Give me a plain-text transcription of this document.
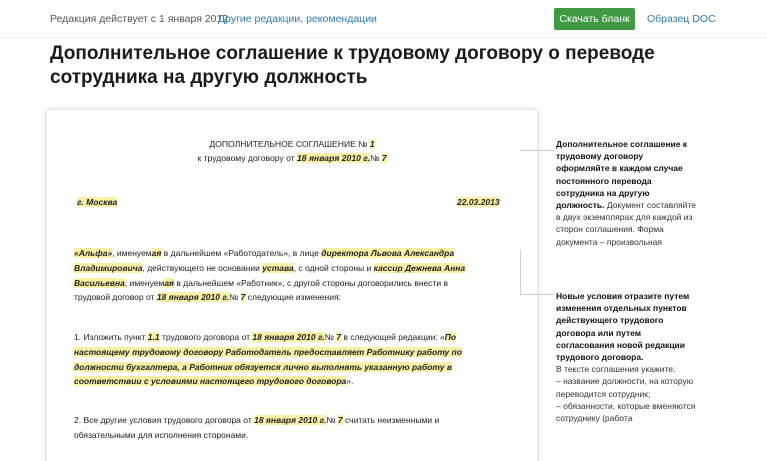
Редакция действует с 1 января 2012
Другие редакции, рекомендации	Скачать бланк	Образец DOC
Дополнительное соглашение к трудовому договору о переводе
сотрудника на другую должность
ДОПОЛНИТЕЛЬНОЕ СОГЛАШЕНИЕ № 1
к трудовому договору от 18 января 2010 г.№ 7
г. Москва	22.03.2013
«Альфа», именуемая в дальнейшем «Работодатель», в лице директора Львова Александра
Владимировича, действующего не основании устава, с одной стороны и кассир Дежнева Анна
Васильевна, именуемая в дальнейшем «Работник», с другой стороны договорились внести в
трудовой договор от 18 января 2010 г.№ 7 следующие изменения:
1. Изложить пункт 1.1 трудового договора от 18 января 2010 г.№ 7 в следующей редакции: «По
настоящему трудовому договору Работодатель предоставляет Работнику работу по
должности бухгалтера, а Работник обязуется лично выполнять указанную работу в
соответствии с условиями настоящего трудового договора».
2. Все другие условия трудового договора от 18 января 2010 г.№ 7 считать неизменными и
обязательными для исполнения сторонами.
Дополнительное соглашение к трудовому договору оформляйте в каждом случае постоянного перевода сотрудника на другую должность. Документ составляйте в двух экземплярах для каждой из сторон соглашения. Форма документа – произвольная
Новые условия отразите путем изменения отдельных пунктов действующего трудового договора или путем согласования новой редакции трудового договора.
В тексте соглашения укажите:
– название должности, на которую переводится сотрудник;
– обязанности, которые вменяются сотруднику (работа
